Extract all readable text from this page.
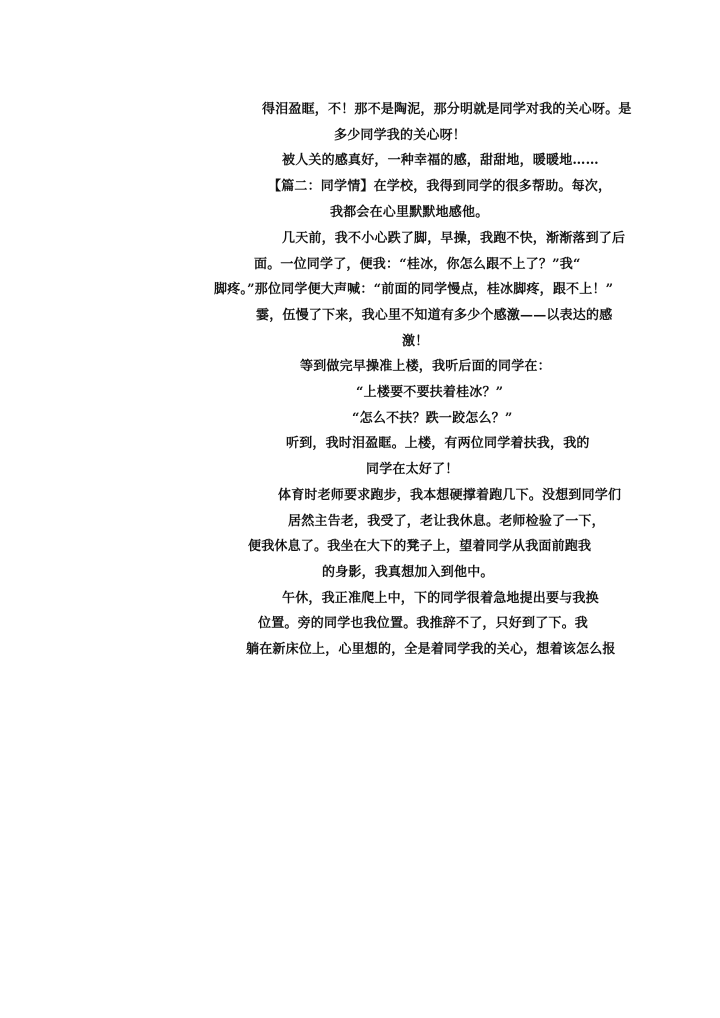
得泪盈眶，不！那不是陶泥，那分明就是同学对我的关心呀。是
多少同学我的关心呀！
被人关的感真好，一种幸福的感，甜甜地，暖暖地……
【篇二：同学情】在学校，我得到同学的很多帮助。每次，
我都会在心里默默地感他。
几天前，我不小心跌了脚，早操，我跑不快，渐渐落到了后
面。一位同学了，便我：“桂冰，你怎么跟不上了？”我“
脚疼。”那位同学便大声喊：“前面的同学慢点，桂冰脚疼，跟不上！”
霎，伍慢了下来，我心里不知道有多少个感激——以表达的感
激！
等到做完早操准上楼，我听后面的同学在：
“上楼要不要扶着桂冰？”
“怎么不扶？跌一跤怎么？”
听到，我时泪盈眶。上楼，有两位同学着扶我，我的
同学在太好了！
体育时老师要求跑步，我本想硬撑着跑几下。没想到同学们
居然主告老，我受了，老让我休息。老师检验了一下，
便我休息了。我坐在大下的凳子上，望着同学从我面前跑我
的身影，我真想加入到他中。
午休，我正准爬上中，下的同学很着急地提出要与我换
位置。旁的同学也我位置。我推辞不了，只好到了下。我
躺在新床位上，心里想的，全是着同学我的关心，想着该怎么报
